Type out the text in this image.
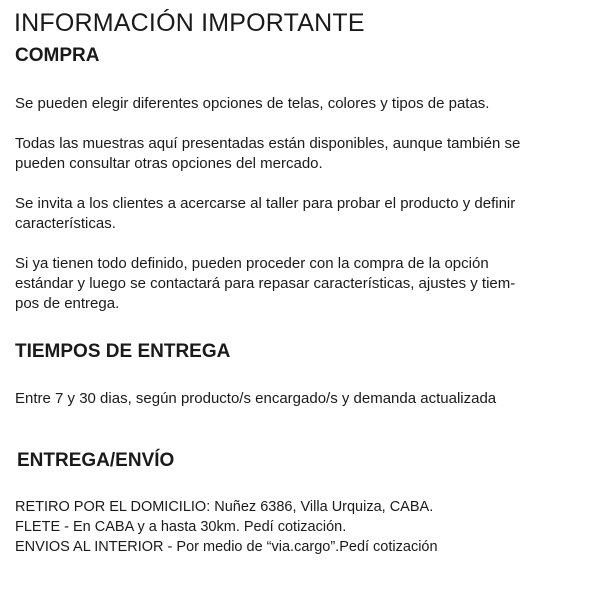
INFORMACIÓN IMPORTANTE
COMPRA

Se pueden elegir diferentes opciones de telas, colores y tipos de patas.

Todas las muestras aquí presentadas están disponibles, aunque también se
pueden consultar otras opciones del mercado.

Se invita a los clientes a acercarse al taller para probar el producto y definir
características.

Si ya tienen todo definido, pueden proceder con la compra de la opción
estándar y luego se contactará para repasar características, ajustes y tiem-
pos de entrega.

TIEMPOS DE ENTREGA

Entre 7 y 30 dias, según producto/s encargado/s y demanda actualizada

ENTREGA/ENVÍO

RETIRO POR EL DOMICILIO: Nuñez 6386, Villa Urquiza, CABA.
FLETE - En CABA y a hasta 30km. Pedí cotización.
ENVIOS AL INTERIOR - Por medio de “via.cargo”.Pedí cotización
